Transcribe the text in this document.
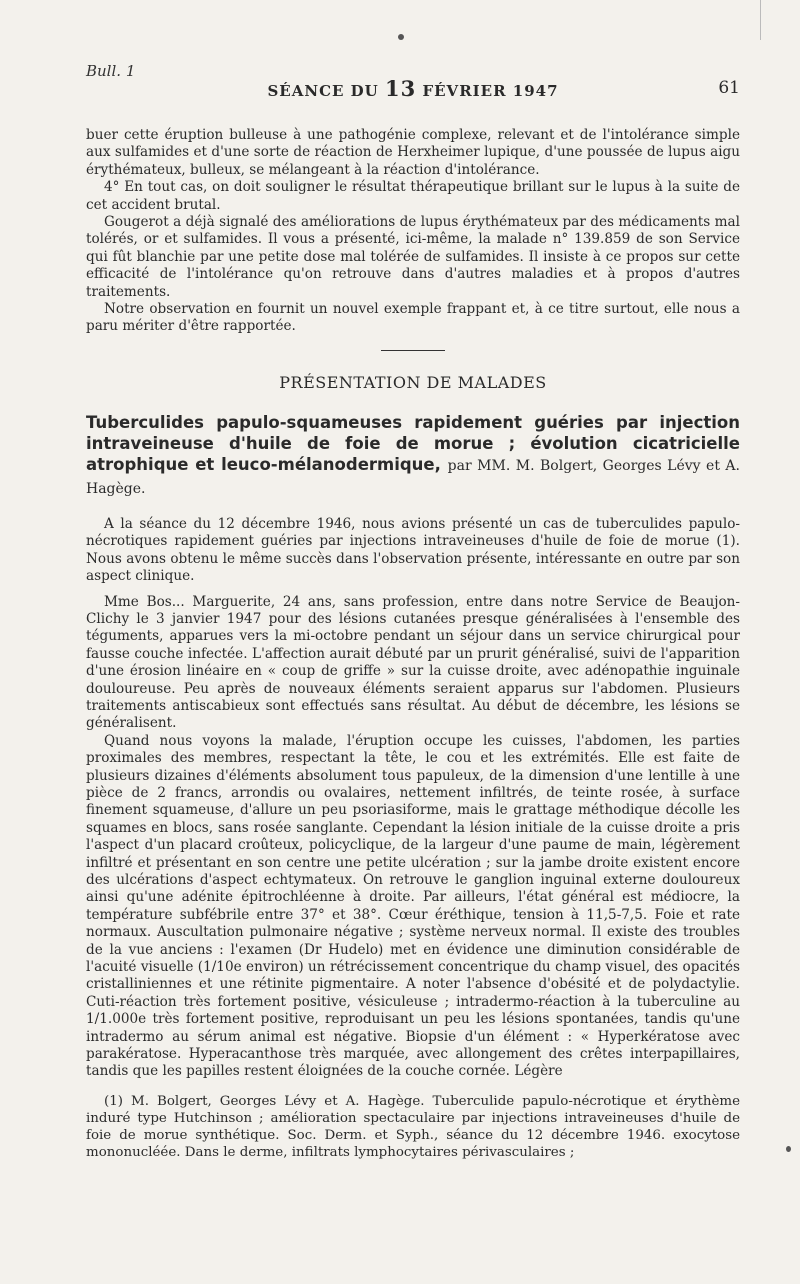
Bull. 1
SÉANCE DU 13 FÉVRIER 1947	61

buer cette éruption bulleuse à une pathogénie complexe, relevant et de l'intolérance simple aux sulfamides et d'une sorte de réaction de Herxheimer lupique, d'une poussée de lupus aigu érythémateux, bulleux, se mélangeant à la réaction d'intolérance.

4° En tout cas, on doit souligner le résultat thérapeutique brillant sur le lupus à la suite de cet accident brutal.

Gougerot a déjà signalé des améliorations de lupus érythémateux par des médicaments mal tolérés, or et sulfamides. Il vous a présenté, ici-même, la malade n° 139.859 de son Service qui fût blanchie par une petite dose mal tolérée de sulfamides. Il insiste à ce propos sur cette efficacité de l'intolérance qu'on retrouve dans d'autres maladies et à propos d'autres traitements.

Notre observation en fournit un nouvel exemple frappant et, à ce titre surtout, elle nous a paru mériter d'être rapportée.

PRÉSENTATION DE MALADES

Tuberculides papulo-squameuses rapidement guéries par injection intraveineuse d'huile de foie de morue ; évolution cicatricielle atrophique et leuco-mélanodermique, par MM. M. Bolgert, Georges Lévy et A. Hagège.

A la séance du 12 décembre 1946, nous avions présenté un cas de tuberculides papulo-nécrotiques rapidement guéries par injections intraveineuses d'huile de foie de morue (1). Nous avons obtenu le même succès dans l'observation présente, intéressante en outre par son aspect clinique.

Mme Bos... Marguerite, 24 ans, sans profession, entre dans notre Service de Beaujon-Clichy le 3 janvier 1947 pour des lésions cutanées presque généralisées à l'ensemble des téguments, apparues vers la mi-octobre pendant un séjour dans un service chirurgical pour fausse couche infectée. L'affection aurait débuté par un prurit généralisé, suivi de l'apparition d'une érosion linéaire en « coup de griffe » sur la cuisse droite, avec adénopathie inguinale douloureuse. Peu après de nouveaux éléments seraient apparus sur l'abdomen. Plusieurs traitements antiscabieux sont effectués sans résultat. Au début de décembre, les lésions se généralisent.

Quand nous voyons la malade, l'éruption occupe les cuisses, l'abdomen, les parties proximales des membres, respectant la tête, le cou et les extrémités. Elle est faite de plusieurs dizaines d'éléments absolument tous papuleux, de la dimension d'une lentille à une pièce de 2 francs, arrondis ou ovalaires, nettement infiltrés, de teinte rosée, à surface finement squameuse, d'allure un peu psoriasiforme, mais le grattage méthodique décolle les squames en blocs, sans rosée sanglante. Cependant la lésion initiale de la cuisse droite a pris l'aspect d'un placard croûteux, policyclique, de la largeur d'une paume de main, légèrement infiltré et présentant en son centre une petite ulcération ; sur la jambe droite existent encore des ulcérations d'aspect echtymateux. On retrouve le ganglion inguinal externe douloureux ainsi qu'une adénite épitrochléenne à droite. Par ailleurs, l'état général est médiocre, la température subfébrile entre 37° et 38°. Cœur éréthique, tension à 11,5-7,5. Foie et rate normaux. Auscultation pulmonaire négative ; système nerveux normal. Il existe des troubles de la vue anciens : l'examen (Dr Hudelo) met en évidence une diminution considérable de l'acuité visuelle (1/10e environ) un rétrécissement concentrique du champ visuel, des opacités cristalliniennes et une rétinite pigmentaire. A noter l'absence d'obésité et de polydactylie. Cuti-réaction très fortement positive, vésiculeuse ; intradermo-réaction à la tuberculine au 1/1.000e très fortement positive, reproduisant un peu les lésions spontanées, tandis qu'une intradermo au sérum animal est négative. Biopsie d'un élément : « Hyperkératose avec parakératose. Hyperacanthose très marquée, avec allongement des crêtes interpapillaires, tandis que les papilles restent éloignées de la couche cornée. Légère

(1) M. Bolgert, Georges Lévy et A. Hagège. Tuberculide papulo-nécrotique et érythème induré type Hutchinson ; amélioration spectaculaire par injections intraveineuses d'huile de foie de morue synthétique. Soc. Derm. et Syph., séance du 12 décembre 1946. exocytose mononucléée. Dans le derme, infiltrats lymphocytaires périvasculaires ;
